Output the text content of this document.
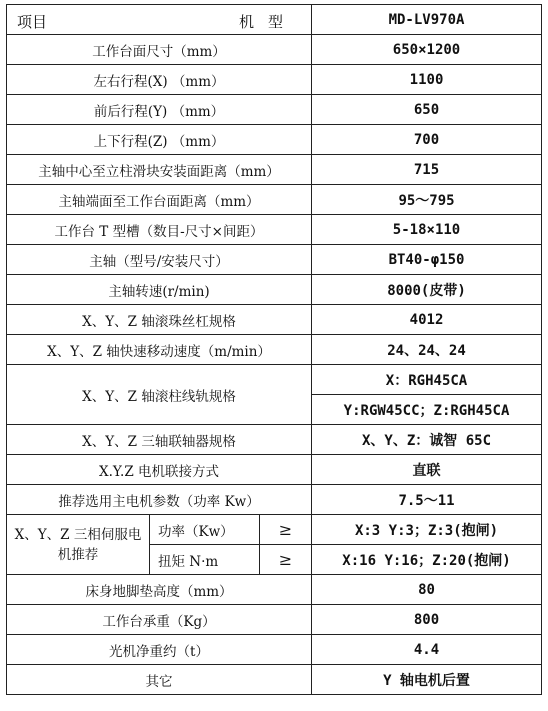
项目 机型			MD-LV970A
工作台面尺寸（mm）			650×1200
左右行程(X) （mm）			1100
前后行程(Y) （mm）			650
上下行程(Z) （mm）			700
主轴中心至立柱滑块安装面距离（mm）			715
主轴端面至工作台面距离（mm）			95～795
工作台 T 型槽（数目-尺寸×间距）			5-18×110
主轴（型号/安装尺寸）			BT40-φ150
主轴转速(r/min)			8000(皮带)
X、Y、Z 轴滚珠丝杠规格			4012
X、Y、Z 轴快速移动速度（m/min）			24、24、24
X、Y、Z 轴滚柱线轨规格			X：RGH45CA
			Y:RGW45CC；Z:RGH45CA
X、Y、Z 三轴联轴器规格			X、Y、Z：诚智 65C
X.Y.Z 电机联接方式			直联
推荐选用主电机参数（功率 Kw）			7.5～11
X、Y、Z 三相伺服电机推荐	功率（Kw）	≥	X:3 Y:3；Z:3(抱闸)
	扭矩 N·m	≥	X:16 Y:16；Z:20(抱闸)
床身地脚垫高度（mm）			80
工作台承重（Kg）			800
光机净重约（t）			4.4
其它			Y 轴电机后置
